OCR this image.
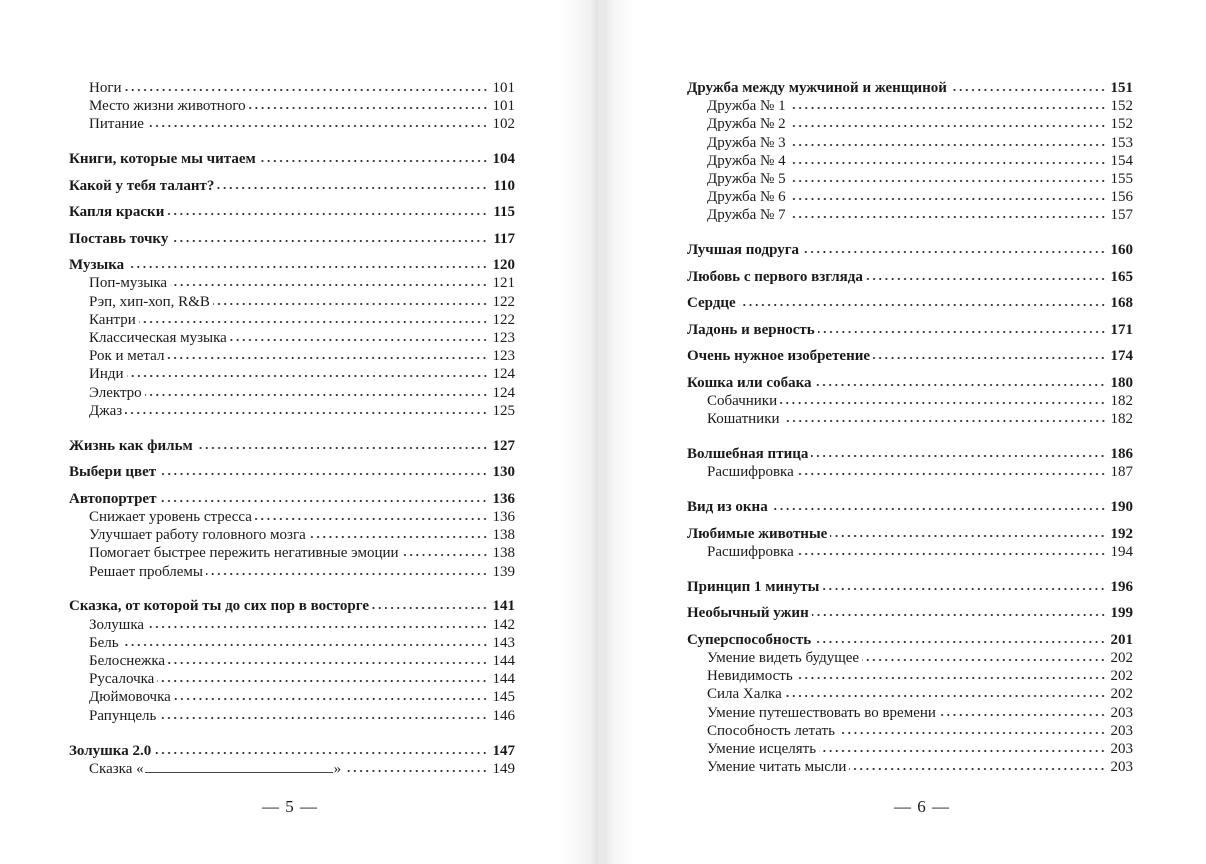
Ноги	101
Место жизни животного	101
Питание	102
Книги, которые мы читаем	104
Какой у тебя талант?	110
Капля краски	115
Поставь точку	117
Музыка	120
Поп-музыка	121
Рэп, хип-хоп, R&B	122
Кантри	122
Классическая музыка	123
Рок и метал	123
Инди	124
Электро	124
Джаз	125
Жизнь как фильм	127
Выбери цвет	130
Автопортрет	136
Снижает уровень стресса	136
Улучшает работу головного мозга	138
Помогает быстрее пережить негативные эмоции	138
Решает проблемы	139
Сказка, от которой ты до сих пор в восторге	141
Золушка	142
Бель	143
Белоснежка	144
Русалочка	144
Дюймовочка	145
Рапунцель	146
Золушка 2.0	147
Сказка «	»	149
— 5 —
Дружба между мужчиной и женщиной	151
Дружба № 1	152
Дружба № 2	152
Дружба № 3	153
Дружба № 4	154
Дружба № 5	155
Дружба № 6	156
Дружба № 7	157
Лучшая подруга	160
Любовь с первого взгляда	165
Сердце	168
Ладонь и верность	171
Очень нужное изобретение	174
Кошка или собака	180
Собачники	182
Кошатники	182
Волшебная птица	186
Расшифровка	187
Вид из окна	190
Любимые животные	192
Расшифровка	194
Принцип 1 минуты	196
Необычный ужин	199
Суперспособность	201
Умение видеть будущее	202
Невидимость	202
Сила Халка	202
Умение путешествовать во времени	203
Способность летать	203
Умение исцелять	203
Умение читать мысли	203
— 6 —
